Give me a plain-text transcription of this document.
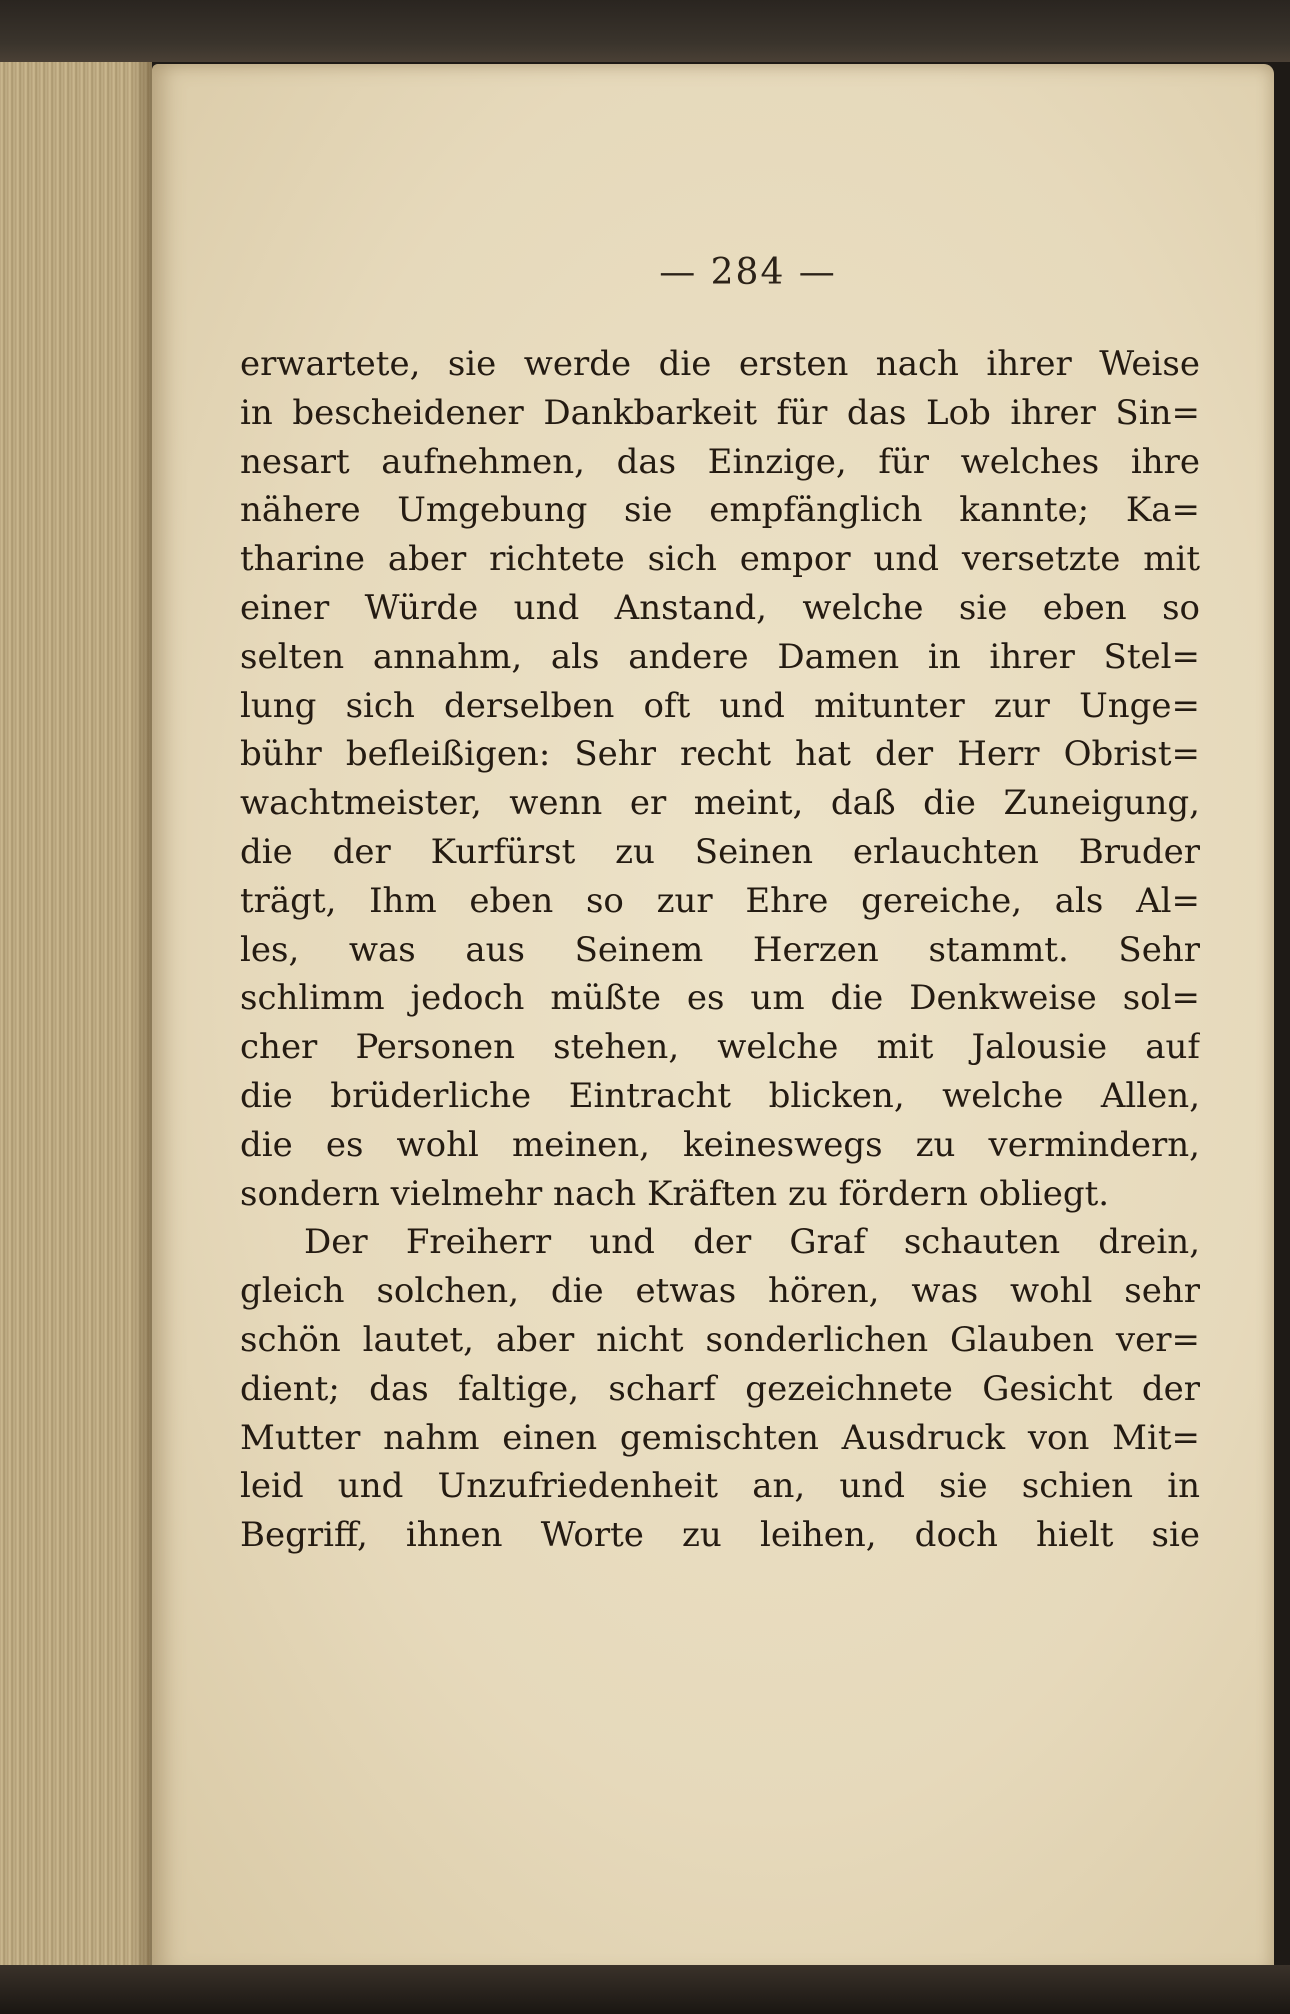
— 284 —
erwartete, sie werde die ersten nach ihrer Weise
in bescheidener Dankbarkeit für das Lob ihrer Sin=
nesart aufnehmen, das Einzige, für welches ihre
nähere Umgebung sie empfänglich kannte; Ka=
tharine aber richtete sich empor und versetzte mit
einer Würde und Anstand, welche sie eben so
selten annahm, als andere Damen in ihrer Stel=
lung sich derselben oft und mitunter zur Unge=
bühr befleißigen: Sehr recht hat der Herr Obrist=
wachtmeister, wenn er meint, daß die Zuneigung,
die der Kurfürst zu Seinen erlauchten Bruder
trägt, Ihm eben so zur Ehre gereiche, als Al=
les, was aus Seinem Herzen stammt. Sehr
schlimm jedoch müßte es um die Denkweise sol=
cher Personen stehen, welche mit Jalousie auf
die brüderliche Eintracht blicken, welche Allen,
die es wohl meinen, keineswegs zu vermindern,
sondern vielmehr nach Kräften zu fördern obliegt.
Der Freiherr und der Graf schauten drein,
gleich solchen, die etwas hören, was wohl sehr
schön lautet, aber nicht sonderlichen Glauben ver=
dient; das faltige, scharf gezeichnete Gesicht der
Mutter nahm einen gemischten Ausdruck von Mit=
leid und Unzufriedenheit an, und sie schien in
Begriff, ihnen Worte zu leihen, doch hielt sie
